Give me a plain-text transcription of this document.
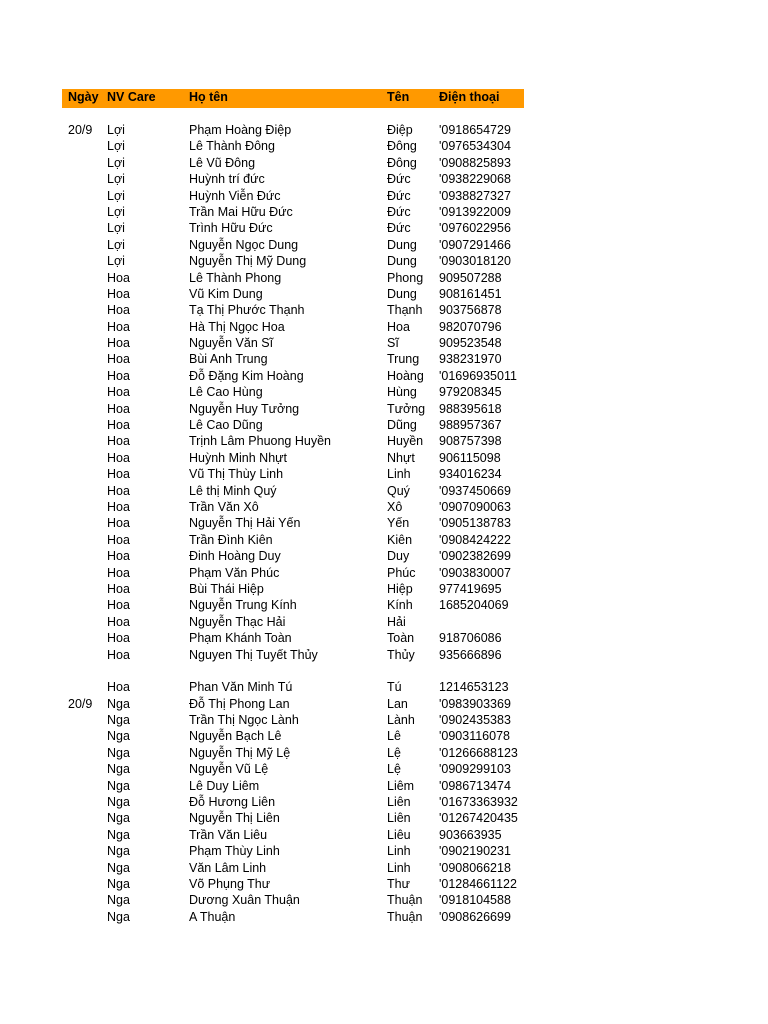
Ngày NV Care	Họ tên	Tên Điện thoại
20/9 Lợi	Phạm Hoàng Điệp	Điệp '0918654729
Lợi	Lê Thành Đông	Đông '0976534304
Lợi	Lê Vũ Đông	Đông '0908825893
Lợi	Huỳnh trí đức	Đức '0938229068
Lợi	Huỳnh Viễn Đức	Đức '0938827327
Lợi	Trần Mai Hữu Đức	Đức '0913922009
Lợi	Trình Hữu Đức	Đức '0976022956
Lợi	Nguyễn Ngọc Dung	Dung '0907291466
Lợi	Nguyễn Thị Mỹ Dung	Dung '0903018120
Hoa	Lê Thành Phong	Phong 909507288
Hoa	Vũ Kim Dung	Dung 908161451
Hoa	Tạ Thị Phước Thạnh	Thạnh 903756878
Hoa	Hà Thị Ngọc Hoa	Hoa 982070796
Hoa	Nguyễn Văn Sĩ	Sĩ	909523548
Hoa	Bùi Anh Trung	Trung 938231970
Hoa	Đỗ Đặng Kim Hoàng	Hoàng '01696935011
Hoa	Lê Cao Hùng	Hùng 979208345
Hoa	Nguyễn Huy Tưởng	Tưởng 988395618
Hoa	Lê Cao Dũng	Dũng 988957367
Hoa	Trịnh Lâm Phuong Huyền	Huyền 908757398
Hoa	Huỳnh Minh Nhựt	Nhựt 906115098
Hoa	Vũ Thị Thùy Linh	Linh 934016234
Hoa	Lê thị Minh Quý	Quý '0937450669
Hoa	Trần Văn Xô	Xô	'0907090063
Hoa	Nguyễn Thị Hải Yến	Yến '0905138783
Hoa	Trần Đình Kiên	Kiên '0908424222
Hoa	Đinh Hoàng Duy	Duy '0902382699
Hoa	Phạm Văn Phúc	Phúc '0903830007
Hoa	Bùi Thái Hiệp	Hiệp 977419695
Hoa	Nguyễn Trung Kính	Kính 1685204069
Hoa	Nguyễn Thạc Hải	Hải
Hoa	Phạm Khánh Toàn	Toàn 918706086
Hoa	Nguyen Thị Tuyết Thủy	Thủy 935666896
Hoa	Phan Văn Minh Tú	Tú	1214653123
20/9 Nga	Đỗ Thị Phong Lan	Lan '0983903369
Nga	Trần Thị Ngọc Lành	Lành '0902435383
Nga	Nguyễn Bạch Lê	Lê	'0903116078
Nga	Nguyễn Thị Mỹ Lệ	Lệ	'01266688123
Nga	Nguyễn Vũ Lệ	Lệ	'0909299103
Nga	Lê Duy Liêm	Liêm '0986713474
Nga	Đỗ Hương Liên	Liên '01673363932
Nga	Nguyễn Thị Liên	Liên '01267420435
Nga	Trần Văn Liêu	Liêu 903663935
Nga	Phạm Thùy Linh	Linh '0902190231
Nga	Văn Lâm Linh	Linh '0908066218
Nga	Võ Phụng Thư	Thư '01284661122
Nga	Dương Xuân Thuận	Thuận '0918104588
Nga	A Thuận	Thuận '0908626699
